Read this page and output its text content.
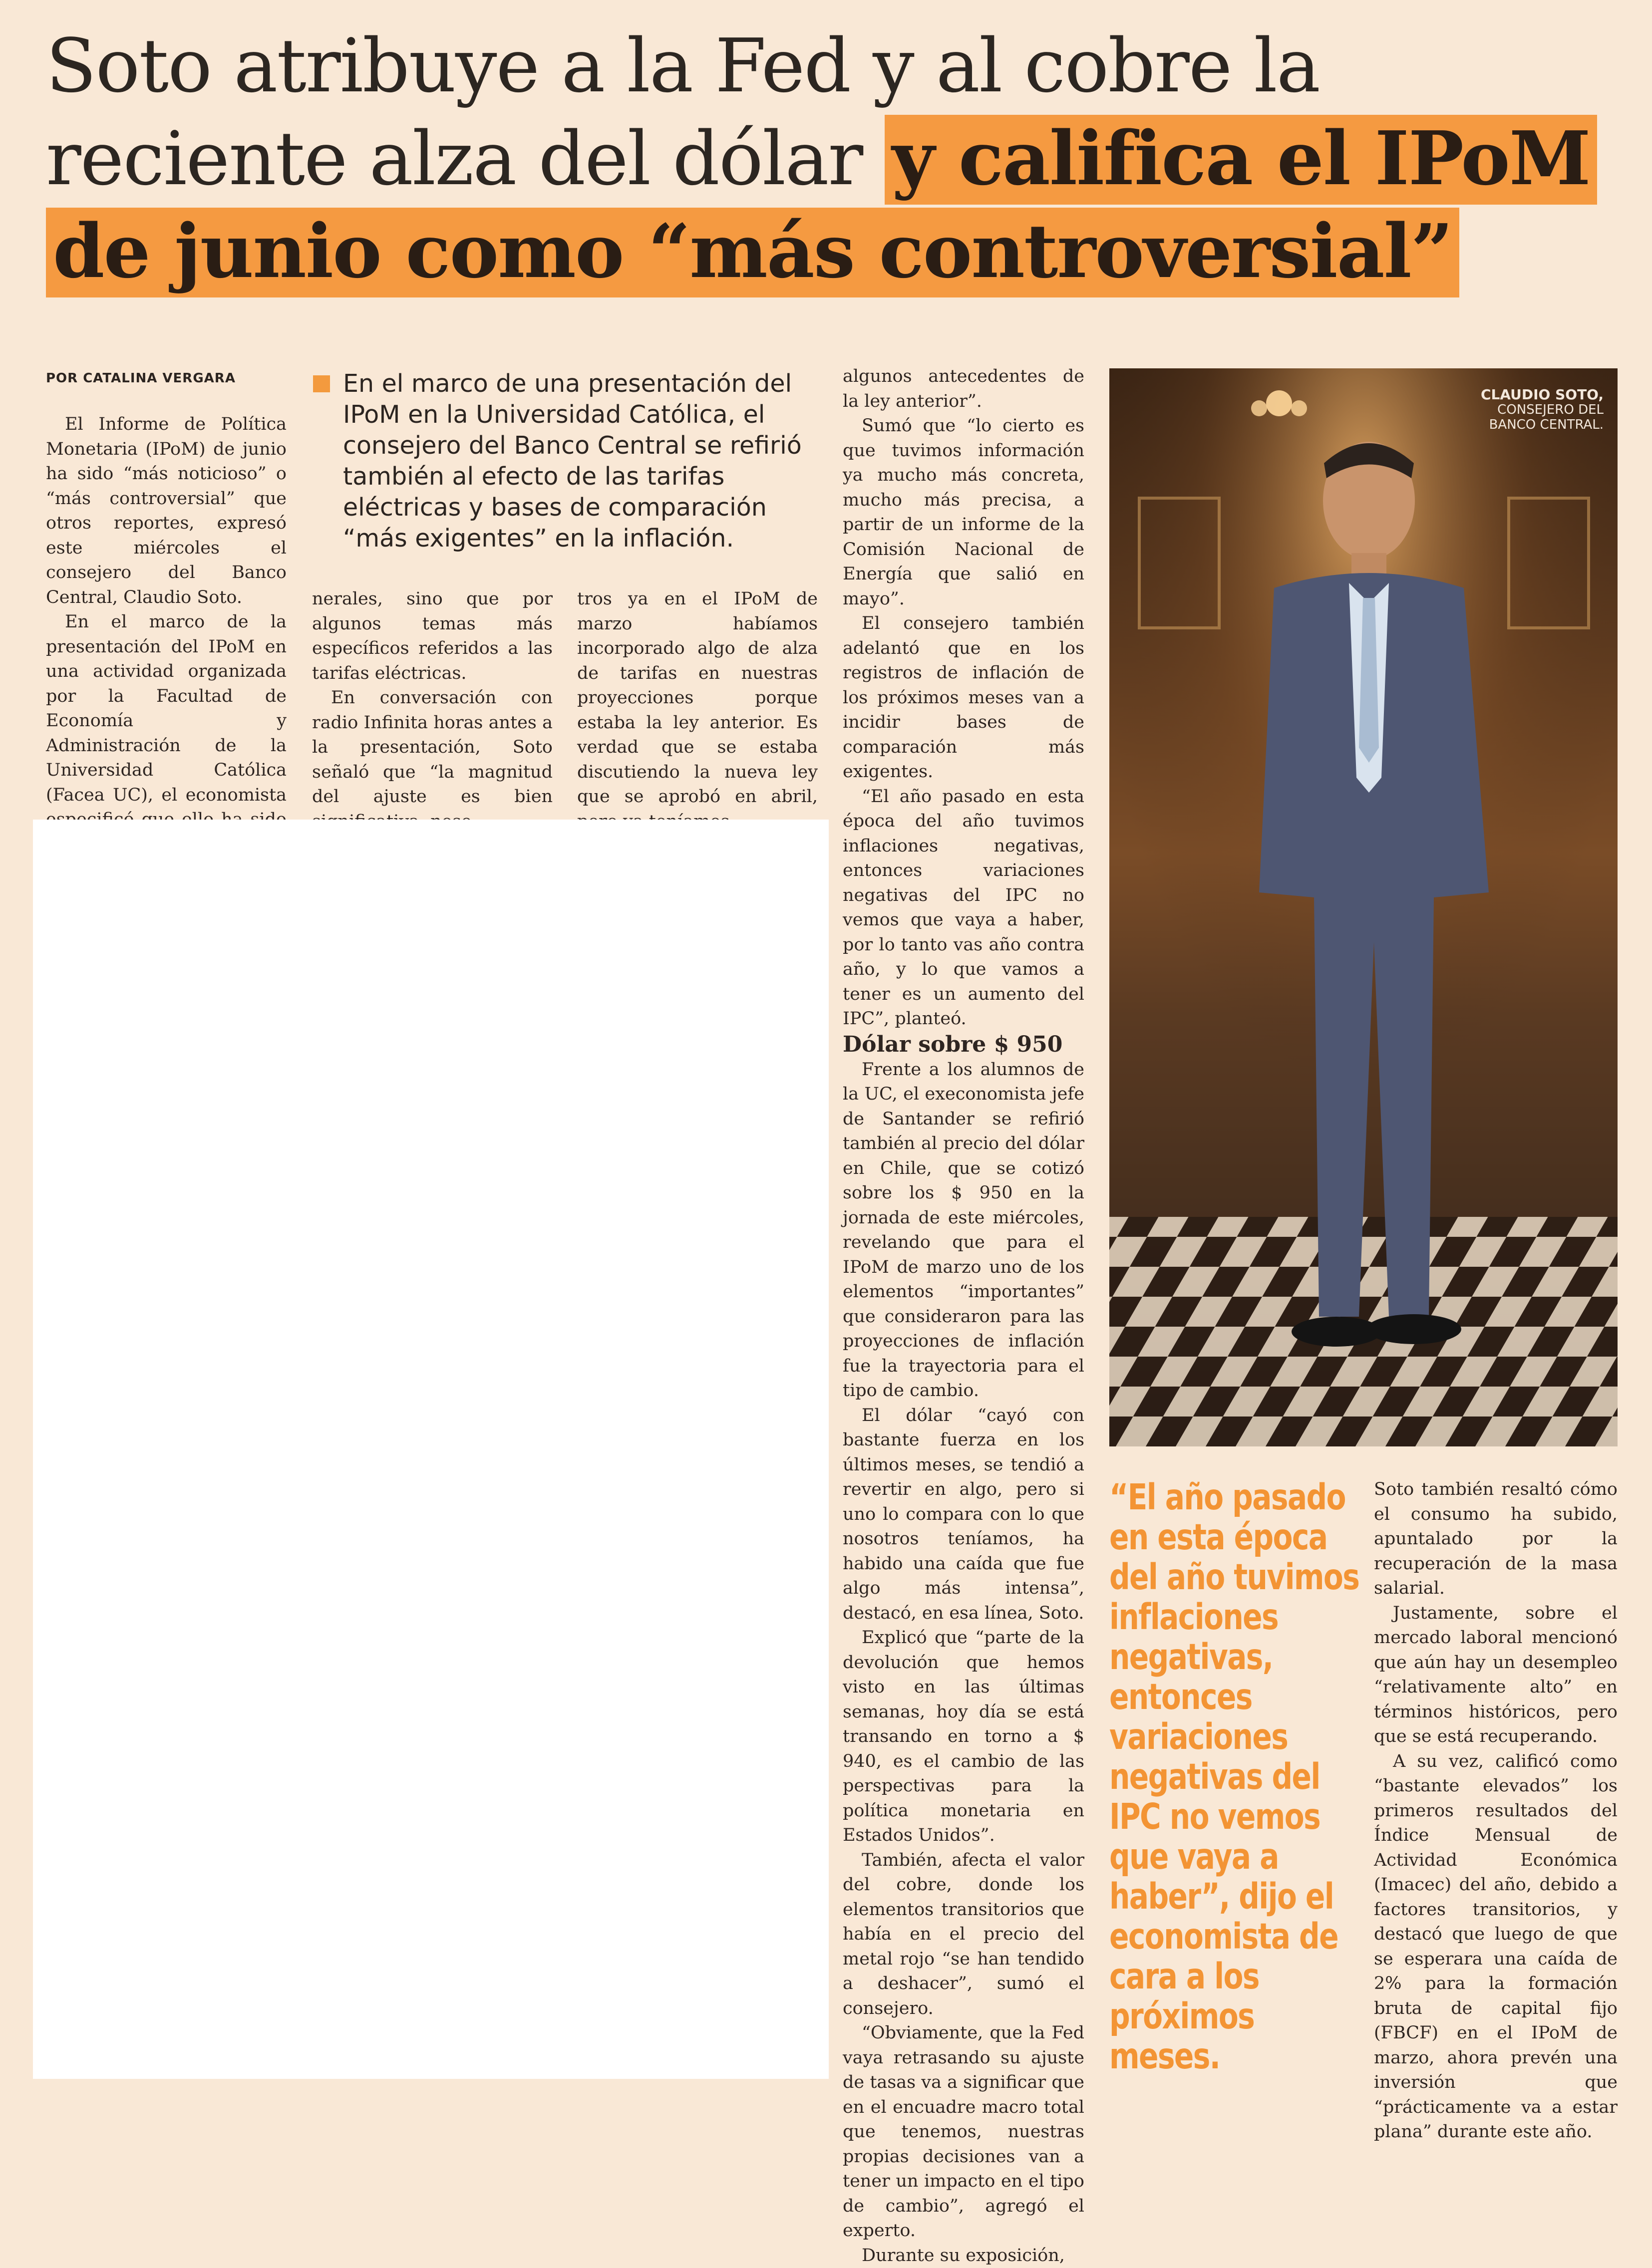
Soto atribuye a la Fed y al cobre la reciente alza del dólar y califica el IPoM de junio como “más controversial”
POR CATALINA VERGARA

El Informe de Política Monetaria (IPoM) de junio ha sido “más noticioso” o “más controversial” que otros reportes, expresó este miércoles el consejero del Banco Central, Claudio Soto.

En el marco de la presentación del IPoM en una actividad organizada por la Facultad de Economía y Administración de la Universidad Católica (Facea UC), el economista

En el marco de una presentación del IPoM en la Universidad Católica, el consejero del Banco Central se refirió también al efecto de las tarifas eléctricas y bases de comparación “más exigentes” en la inflación.

nerales, sino que por algunos temas más específicos referidos a las tarifas eléctricas.

En conversación con radio Infinita horas antes a la presentación, Soto señaló que “la magnitud del ajuste es bien

tros ya en el IPoM de marzo habíamos incorporado algo de alza de tarifas en nuestras proyecciones porque estaba la ley anterior. Es verdad que se estaba discutiendo la nueva ley que se aprobó en abril,

algunos antecedentes de la ley anterior”.

Sumó que “lo cierto es que tuvimos información ya mucho más concreta, mucho más precisa, a partir de un informe de la Comisión Nacional de Energía que salió en mayo”.

El consejero también adelantó que en los registros de inflación de los próximos meses van a incidir bases de comparación más exigentes.

“El año pasado en esta época del año tuvimos inflaciones negativas, entonces variaciones negativas del IPC no vemos que vaya a haber, por lo tanto vas año contra año, y lo que vamos a tener es un aumento del IPC”, planteó.

Dólar sobre $ 950

Frente a los alumnos de la UC, el execonomista jefe de Santander se refirió también al precio del dólar en Chile, que se cotizó sobre los $ 950 en la jornada de este miércoles, revelando que para el IPoM de marzo uno de los elementos “importantes” que consideraron para las proyecciones de inflación fue la trayectoria para el tipo de cambio.

El dólar “cayó con bastante fuerza en los últimos meses, se tendió a revertir en algo, pero si uno lo compara con lo que nosotros teníamos, ha habido una caída que fue algo más intensa”, destacó, en esa línea, Soto.

Explicó que “parte de la devolución que hemos visto en las últimas semanas, hoy día se está transando en torno a $ 940, es el cambio de las perspectivas para la política monetaria en Estados Unidos”.

También, afecta el valor del cobre, donde los elementos transitorios que había en el precio del metal rojo “se han tendido a deshacer”, sumó el consejero.

“Obviamente, que la Fed vaya retrasando su ajuste de tasas va a significar que en el encuadre macro total que tenemos, nuestras propias decisiones van a tener un impacto en el tipo de cambio”, agregó el experto.

Durante su exposición,

CLAUDIO SOTO,
CONSEJERO DEL
BANCO CENTRAL.
“El año pasado en esta época del año tuvimos inflaciones negativas, entonces variaciones negativas del IPC no vemos que vaya a haber”, dijo el economista de cara a los próximos meses.

Soto también resaltó cómo el consumo ha subido, apuntalado por la recuperación de la masa salarial.

Justamente, sobre el mercado laboral mencionó que aún hay un desempleo “relativamente alto” en términos históricos, pero que se está recuperando.

A su vez, calificó como “bastante elevados” los primeros resultados del Índice Mensual de Actividad Económica (Imacec) del año, debido a factores transitorios, y destacó que luego de que se esperara una caída de 2% para la formación bruta de capital fijo (FBCF) en el IPoM de marzo, ahora prevén una inversión que “prácticamente va a estar plana” durante este año.
